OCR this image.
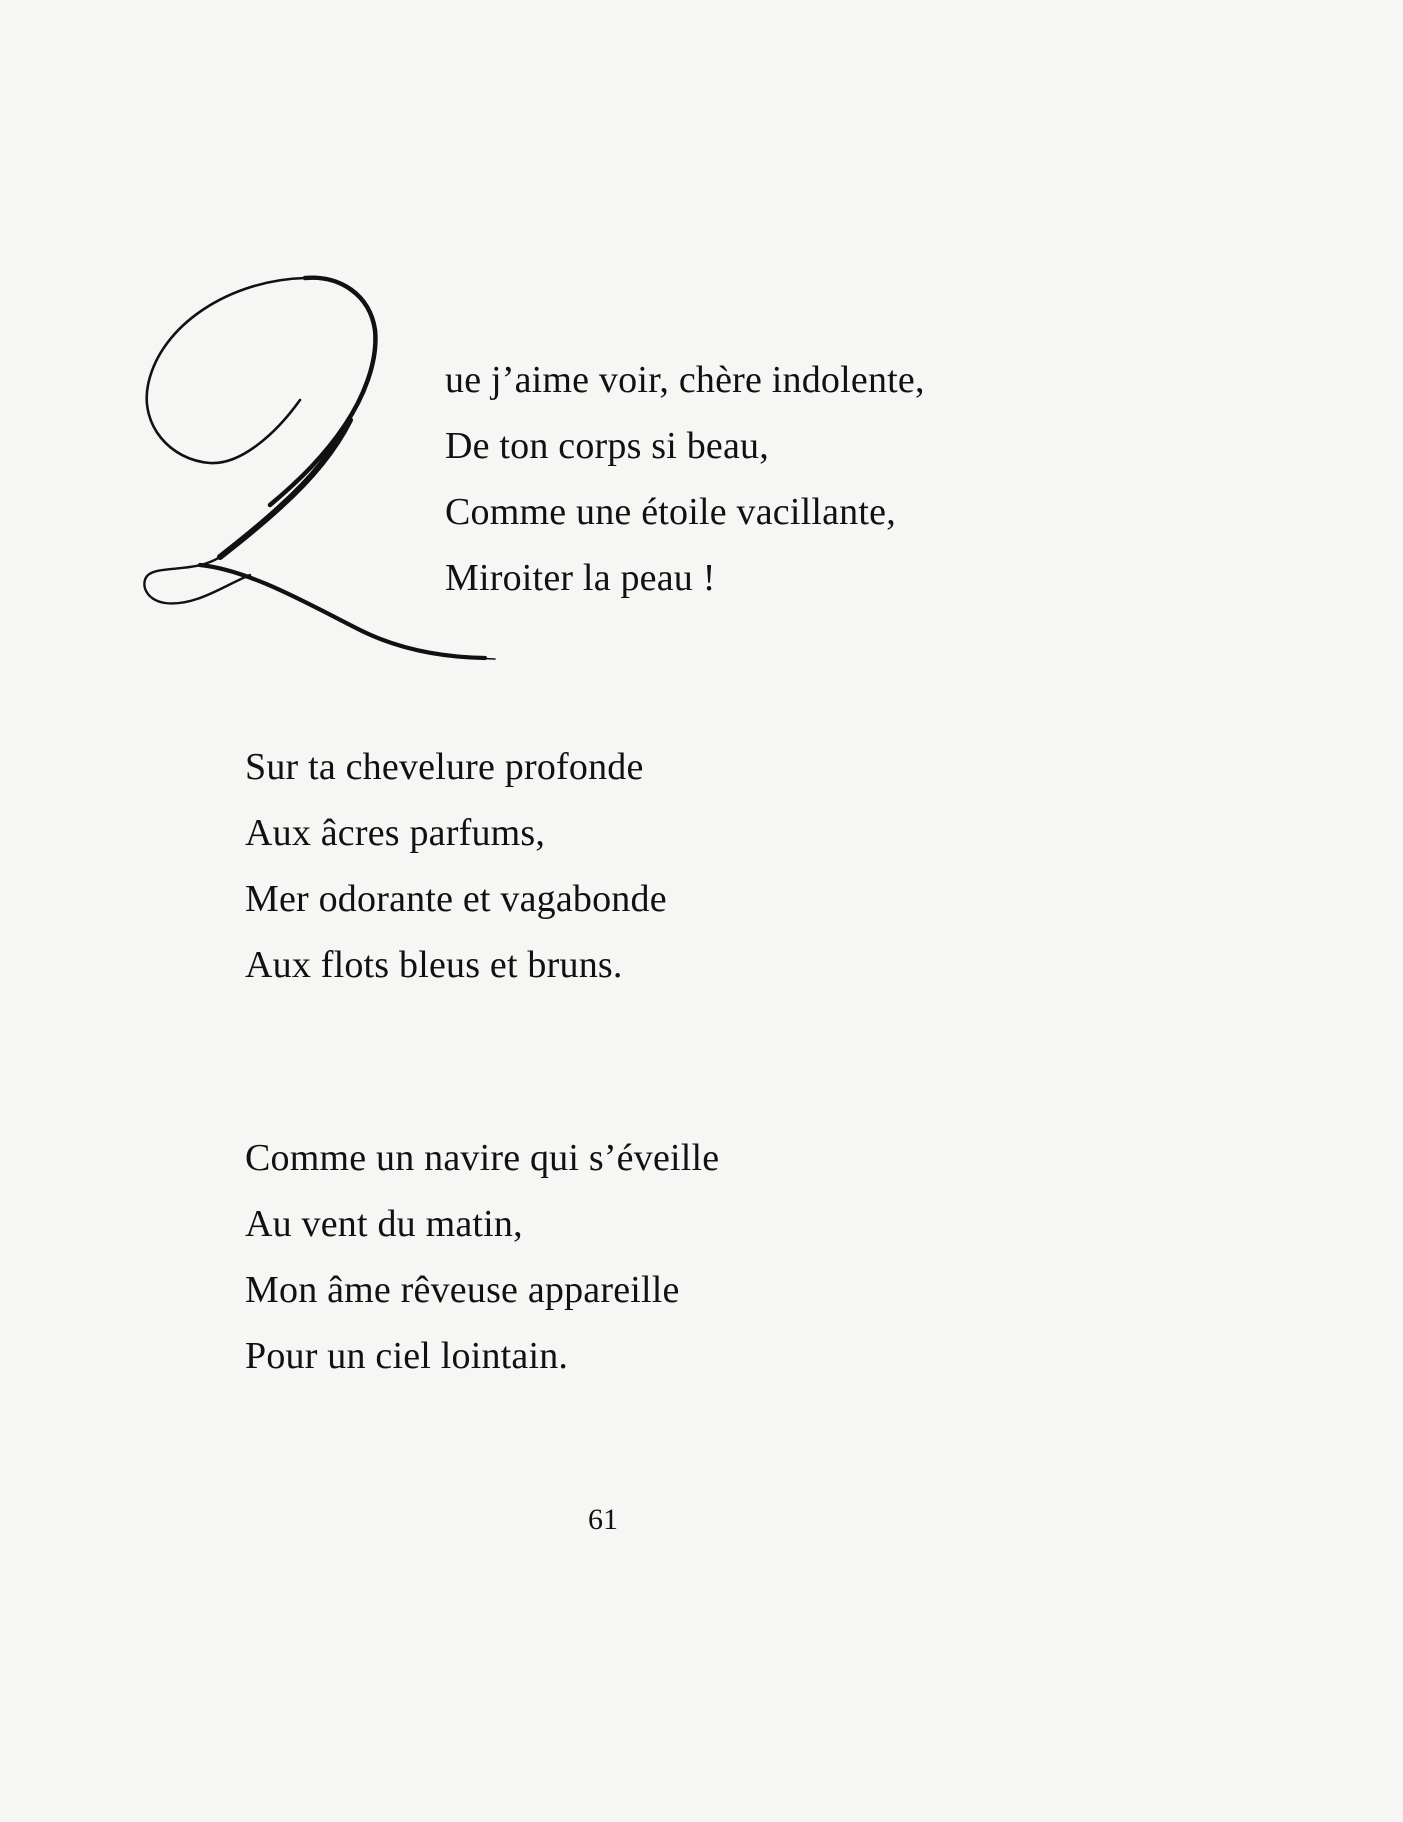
ue j’aime voir, chère indolente,
De ton corps si beau,
Comme une étoile vacillante,
Miroiter la peau !
Sur ta chevelure profonde
Aux âcres parfums,
Mer odorante et vagabonde
Aux flots bleus et bruns.
Comme un navire qui s’éveille
Au vent du matin,
Mon âme rêveuse appareille
Pour un ciel lointain.
61
